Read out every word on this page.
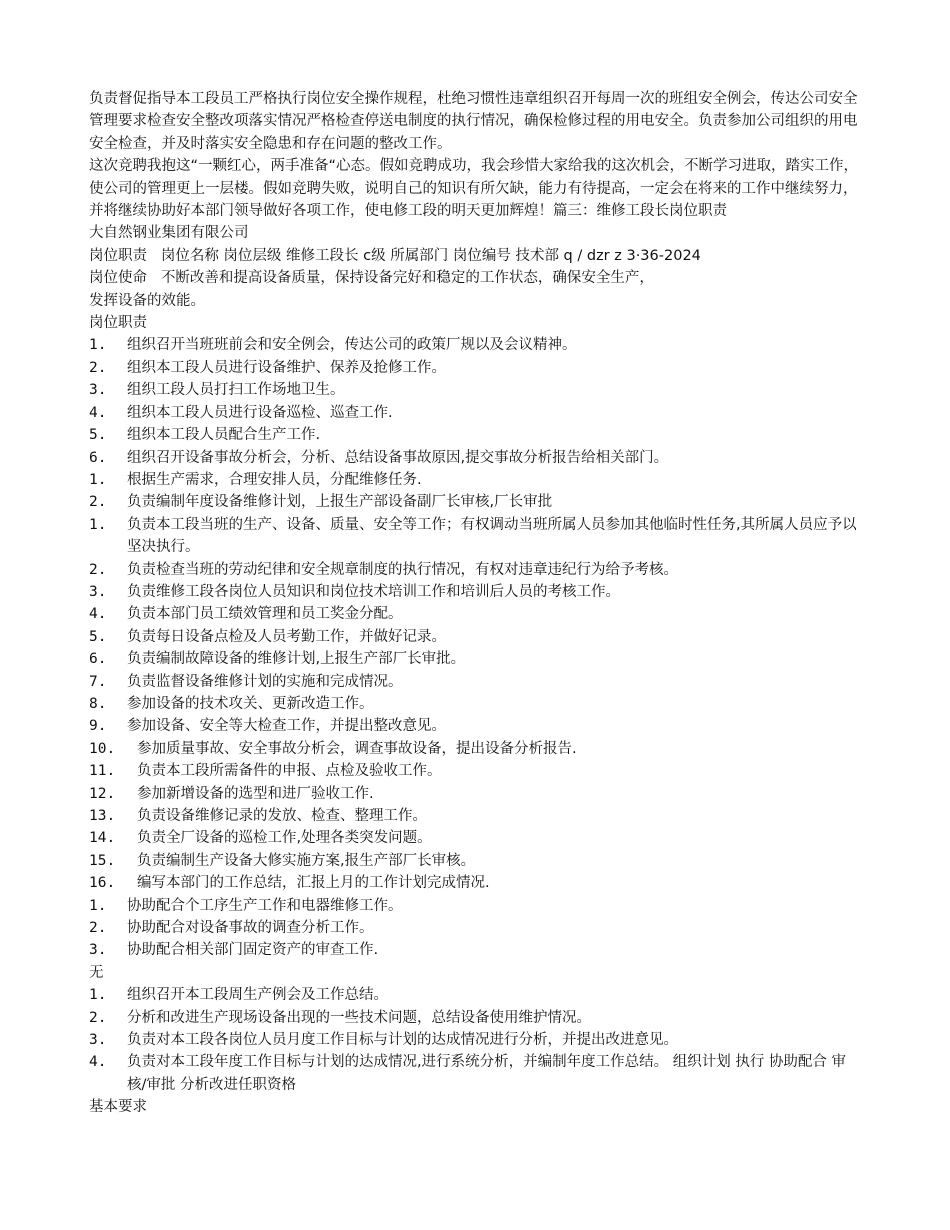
负责督促指导本工段员工严格执行岗位安全操作规程，杜绝习惯性违章组织召开每周一次的班组安全例会，传达公司安全管理要求检查安全整改项落实情况严格检查停送电制度的执行情况，确保检修过程的用电安全。负责参加公司组织的用电安全检查，并及时落实安全隐患和存在问题的整改工作。

这次竞聘我抱这“一颗红心，两手准备“心态。假如竞聘成功，我会珍惜大家给我的这次机会，不断学习进取，踏实工作，使公司的管理更上一层楼。假如竞聘失败，说明自己的知识有所欠缺，能力有待提高，一定会在将来的工作中继续努力，并将继续协助好本部门领导做好各项工作，使电修工段的明天更加辉煌！篇三：维修工段长岗位职责

大自然钢业集团有限公司

岗位职责   岗位名称 岗位层级 维修工段长 c级 所属部门 岗位编号 技术部 q / dzr z 3·36-2024

岗位使命   不断改善和提高设备质量，保持设备完好和稳定的工作状态，确保安全生产，

发挥设备的效能。

岗位职责

1.	组织召开当班班前会和安全例会，传达公司的政策厂规以及会议精神。
2.	组织本工段人员进行设备维护、保养及抢修工作。
3.	组织工段人员打扫工作场地卫生。
4.	组织本工段人员进行设备巡检、巡查工作.
5.	组织本工段人员配合生产工作.
6.	组织召开设备事故分析会，分析、总结设备事故原因,提交事故分析报告给相关部门。
1.	根据生产需求，合理安排人员，分配维修任务.
2.	负责编制年度设备维修计划，上报生产部设备副厂长审核,厂长审批
1.	负责本工段当班的生产、设备、质量、安全等工作；有权调动当班所属人员参加其他临时性任务,其所属人员应予以坚决执行。
2.	负责检查当班的劳动纪律和安全规章制度的执行情况，有权对违章违纪行为给予考核。
3.	负责维修工段各岗位人员知识和岗位技术培训工作和培训后人员的考核工作。
4.	负责本部门员工绩效管理和员工奖金分配。
5.	负责每日设备点检及人员考勤工作，并做好记录。
6.	负责编制故障设备的维修计划,上报生产部厂长审批。
7.	负责监督设备维修计划的实施和完成情况。
8.	参加设备的技术攻关、更新改造工作。
9.	参加设备、安全等大检查工作，并提出整改意见。
10.	参加质量事故、安全事故分析会，调查事故设备，提出设备分析报告.
11.	负责本工段所需备件的申报、点检及验收工作。
12.	参加新增设备的选型和进厂验收工作.
13.	负责设备维修记录的发放、检查、整理工作。
14.	负责全厂设备的巡检工作,处理各类突发问题。
15.	负责编制生产设备大修实施方案,报生产部厂长审核。
16.	编写本部门的工作总结，汇报上月的工作计划完成情况.
1.	协助配合个工序生产工作和电器维修工作。
2.	协助配合对设备事故的调查分析工作。
3.	协助配合相关部门固定资产的审查工作.

无

1.	组织召开本工段周生产例会及工作总结。
2.	分析和改进生产现场设备出现的一些技术问题，总结设备使用维护情况。
3.	负责对本工段各岗位人员月度工作目标与计划的达成情况进行分析，并提出改进意见。
4.	负责对本工段年度工作目标与计划的达成情况,进行系统分析，并编制年度工作总结。 组织计划 执行 协助配合 审核/审批 分析改进任职资格

基本要求
